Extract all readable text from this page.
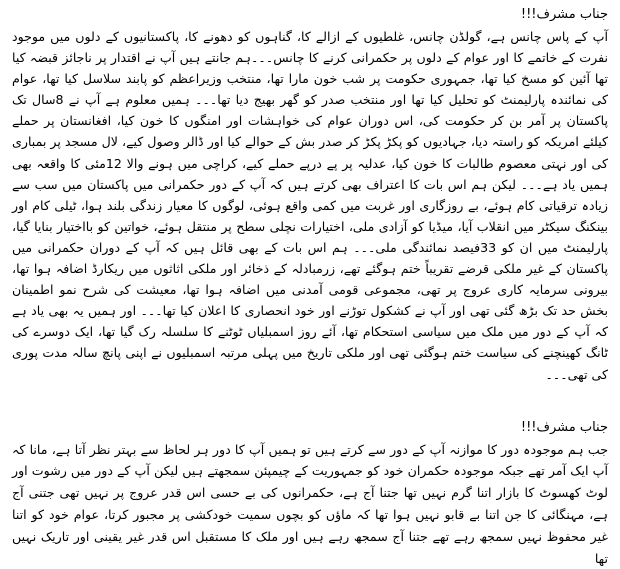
جناب مشرف!!!

آپ کے پاس چانس ہے، گولڈن چانس، غلطیوں کے ازالے کا، گناہوں کو دھونے کا، پاکستانیوں کے دلوں میں موجود نفرت کے خاتمے کا اور عوام کے دلوں پر حکمرانی کرنے کا چانس۔۔۔ہم جانتے ہیں آپ نے اقتدار پر ناجائز قبضہ کیا تھا آئین کو مسخ کیا تھا، جمہوری حکومت پر شب خون مارا تھا، منتخب وزیراعظم کو پابند سلاسل کیا تھا، عوام کی نمائندہ پارلیمنٹ کو تحلیل کیا تھا اور منتخب صدر کو گھر بھیج دیا تھا۔۔۔ ہمیں معلوم ہے آپ نے 8سال تک پاکستان پر آمر بن کر حکومت کی، اس دوران عوام کی خواہشات اور امنگوں کا خون کیا، افغانستان پر حملے کیلئے امریکہ کو راستہ دیا، جہادیوں کو پکڑ پکڑ کر صدر بش کے حوالے کیا اور ڈالر وصول کیے، لال مسجد پر بمباری کی اور نہتی معصوم طالبات کا خون کیا، عدلیہ پر پے درپے حملے کیے، کراچی میں ہونے والا 12مئی کا واقعہ بھی ہمیں یاد ہے۔۔۔ لیکن ہم اس بات کا اعتراف بھی کرتے ہیں کہ آپ کے دور حکمرانی میں پاکستان میں سب سے زیادہ ترقیاتی کام ہوئے، بے روزگاری اور غربت میں کمی واقع ہوئی، لوگوں کا معیار زندگی بلند ہوا، ٹیلی کام اور بینکنگ سیکٹر میں انقلاب آیا، میڈیا کو آزادی ملی، اختیارات نچلی سطح پر منتقل ہوئے، خواتین کو بااختیار بنایا گیا، پارلیمنٹ میں ان کو 33فیصد نمائندگی ملی۔۔۔ ہم اس بات کے بھی قائل ہیں کہ آپ کے دوران حکمرانی میں پاکستان کے غیر ملکی قرضے تقریباً ختم ہوگئے تھے، زرمبادلہ کے ذخائر اور ملکی اثاثوں میں ریکارڈ اضافہ ہوا تھا، بیرونی سرمایہ کاری عروج پر تھی، مجموعی قومی آمدنی میں اضافہ ہوا تھا، معیشت کی شرح نمو اطمینان بخش حد تک بڑھ گئی تھی اور آپ نے کشکول توڑنے اور خود انحصاری کا اعلان کیا تھا۔۔۔ اور ہمیں یہ بھی یاد ہے کہ آپ کے دور میں ملک میں سیاسی استحکام تھا، آئے روز اسمبلیاں ٹوٹنے کا سلسلہ رک گیا تھا، ایک دوسرے کی ٹانگ کھینچنے کی سیاست ختم ہوگئی تھی اور ملکی تاریخ میں پہلی مرتبہ اسمبلیوں نے اپنی پانچ سالہ مدت پوری کی تھی۔۔۔

جناب مشرف!!!

جب ہم موجودہ دور کا موازنہ آپ کے دور سے کرتے ہیں تو ہمیں آپ کا دور ہر لحاظ سے بہتر نظر آتا ہے، مانا کہ آپ ایک آمر تھے جبکہ موجودہ حکمران خود کو جمہوریت کے چیمپئن سمجھتے ہیں لیکن آپ کے دور میں رشوت اور لوٹ کھسوٹ کا بازار اتنا گرم نہیں تھا جتنا آج ہے، حکمرانوں کی بے حسی اس قدر عروج پر نہیں تھی جتنی آج ہے، مہنگائی کا جن اتنا بے قابو نہیں ہوا تھا کہ ماؤں کو بچوں سمیت خودکشی پر مجبور کرتا، عوام خود کو اتنا غیر محفوظ نہیں سمجھ رہے تھے جتنا آج سمجھ رہے ہیں اور ملک کا مستقبل اس قدر غیر یقینی اور تاریک نہیں تھا
